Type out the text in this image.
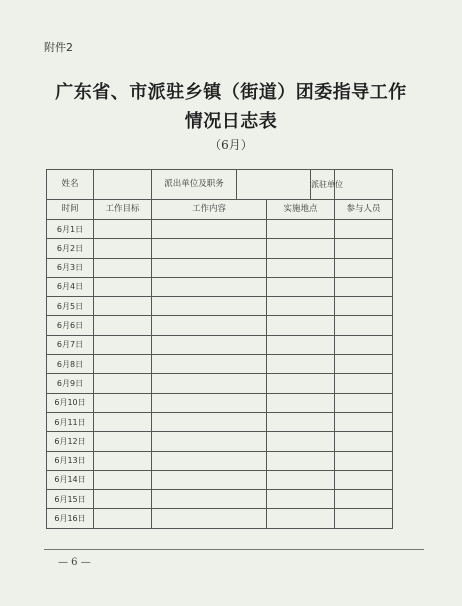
附件2
广东省、市派驻乡镇（街道）团委指导工作
情况日志表
（6月）
姓名		派出单位及职务			派驻单位	
时间	工作目标	工作内容		实施地点		参与人员
6月1日						
6月2日						
6月3日						
6月4日						
6月5日						
6月6日						
6月7日						
6月8日						
6月9日						
6月10日						
6月11日						
6月12日						
6月13日						
6月14日						
6月15日						
6月16日						
— 6 —
